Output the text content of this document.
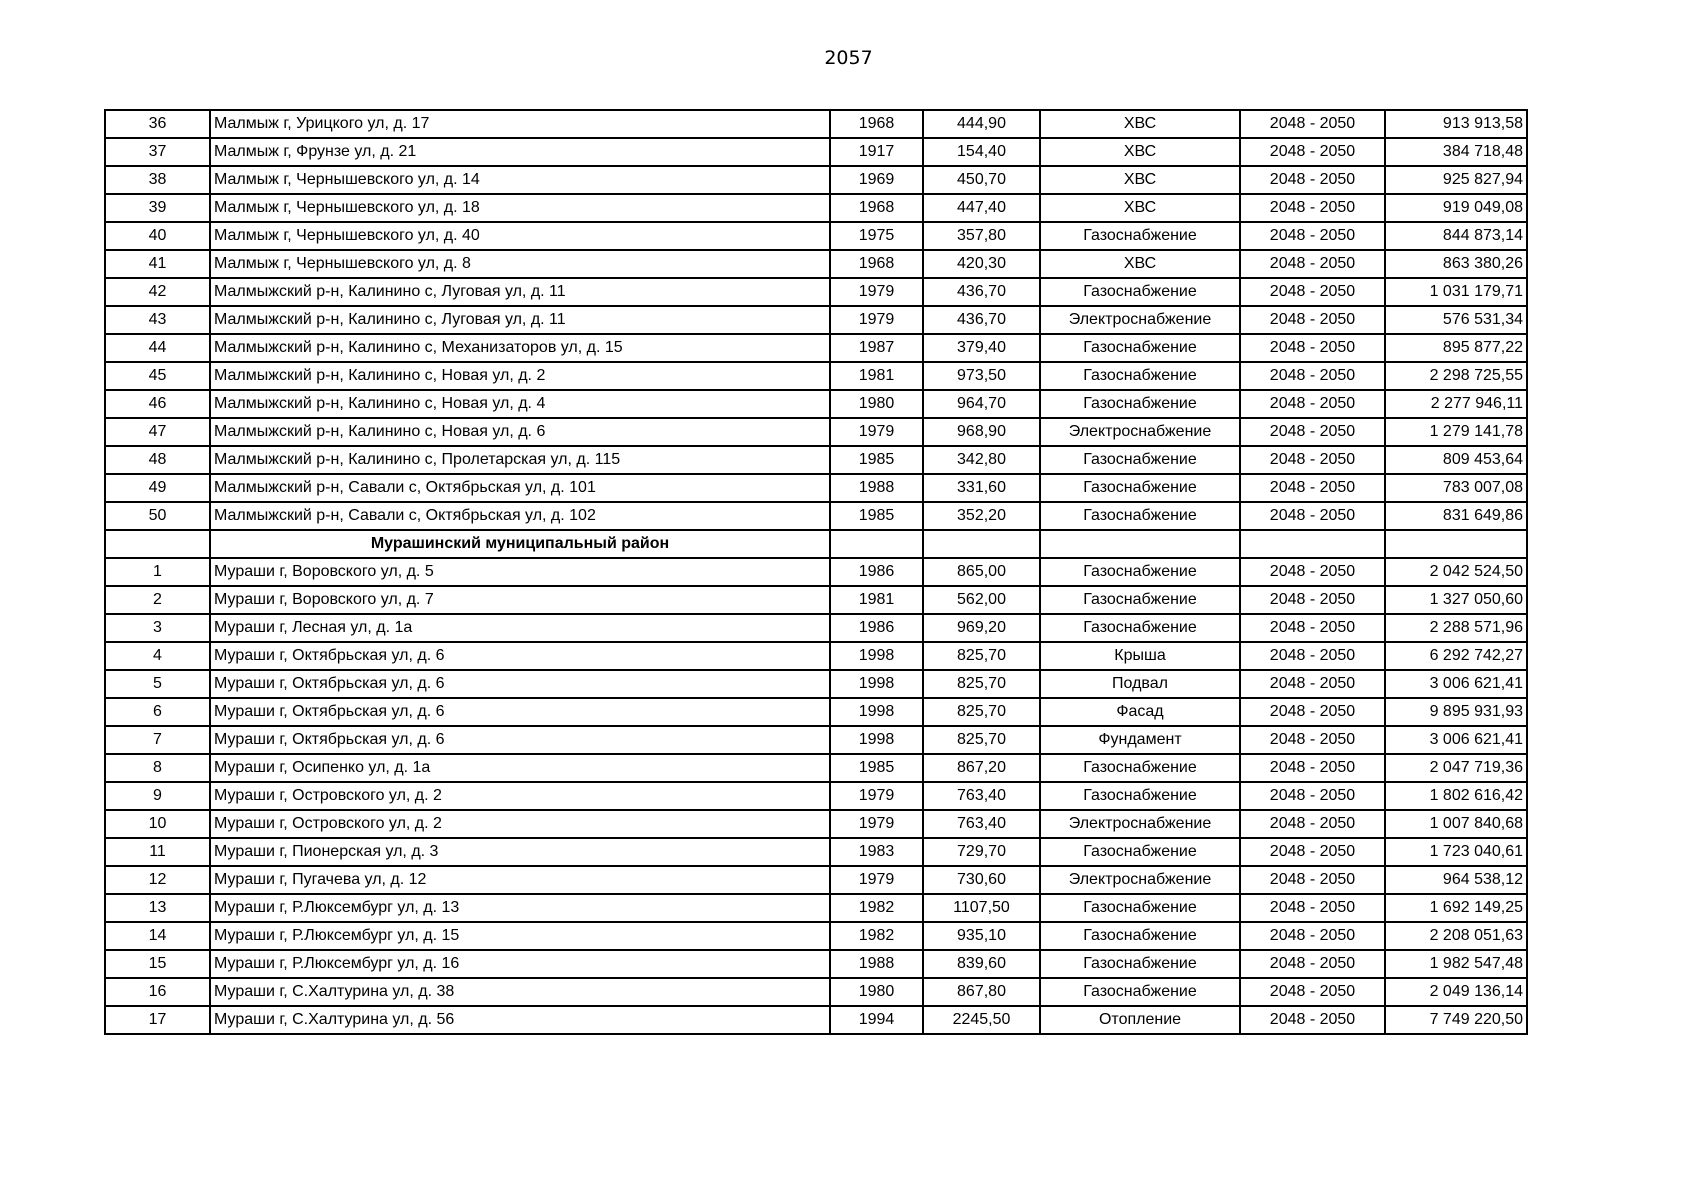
2057
36	Малмыж г, Урицкого ул, д. 17	1968	444,90	ХВС	2048 - 2050	913 913,58
37	Малмыж г, Фрунзе ул, д. 21	1917	154,40	ХВС	2048 - 2050	384 718,48
38	Малмыж г, Чернышевского ул, д. 14	1969	450,70	ХВС	2048 - 2050	925 827,94
39	Малмыж г, Чернышевского ул, д. 18	1968	447,40	ХВС	2048 - 2050	919 049,08
40	Малмыж г, Чернышевского ул, д. 40	1975	357,80	Газоснабжение	2048 - 2050	844 873,14
41	Малмыж г, Чернышевского ул, д. 8	1968	420,30	ХВС	2048 - 2050	863 380,26
42	Малмыжский р-н, Калинино с, Луговая ул, д. 11	1979	436,70	Газоснабжение	2048 - 2050	1 031 179,71
43	Малмыжский р-н, Калинино с, Луговая ул, д. 11	1979	436,70	Электроснабжение	2048 - 2050	576 531,34
44	Малмыжский р-н, Калинино с, Механизаторов ул, д. 15	1987	379,40	Газоснабжение	2048 - 2050	895 877,22
45	Малмыжский р-н, Калинино с, Новая ул, д. 2	1981	973,50	Газоснабжение	2048 - 2050	2 298 725,55
46	Малмыжский р-н, Калинино с, Новая ул, д. 4	1980	964,70	Газоснабжение	2048 - 2050	2 277 946,11
47	Малмыжский р-н, Калинино с, Новая ул, д. 6	1979	968,90	Электроснабжение	2048 - 2050	1 279 141,78
48	Малмыжский р-н, Калинино с, Пролетарская ул, д. 115	1985	342,80	Газоснабжение	2048 - 2050	809 453,64
49	Малмыжский р-н, Савали с, Октябрьская ул, д. 101	1988	331,60	Газоснабжение	2048 - 2050	783 007,08
50	Малмыжский р-н, Савали с, Октябрьская ул, д. 102	1985	352,20	Газоснабжение	2048 - 2050	831 649,86
	Мурашинский муниципальный район					
1	Мураши г, Воровского ул, д. 5	1986	865,00	Газоснабжение	2048 - 2050	2 042 524,50
2	Мураши г, Воровского ул, д. 7	1981	562,00	Газоснабжение	2048 - 2050	1 327 050,60
3	Мураши г, Лесная ул, д. 1а	1986	969,20	Газоснабжение	2048 - 2050	2 288 571,96
4	Мураши г, Октябрьская ул, д. 6	1998	825,70	Крыша	2048 - 2050	6 292 742,27
5	Мураши г, Октябрьская ул, д. 6	1998	825,70	Подвал	2048 - 2050	3 006 621,41
6	Мураши г, Октябрьская ул, д. 6	1998	825,70	Фасад	2048 - 2050	9 895 931,93
7	Мураши г, Октябрьская ул, д. 6	1998	825,70	Фундамент	2048 - 2050	3 006 621,41
8	Мураши г, Осипенко ул, д. 1а	1985	867,20	Газоснабжение	2048 - 2050	2 047 719,36
9	Мураши г, Островского ул, д. 2	1979	763,40	Газоснабжение	2048 - 2050	1 802 616,42
10	Мураши г, Островского ул, д. 2	1979	763,40	Электроснабжение	2048 - 2050	1 007 840,68
11	Мураши г, Пионерская ул, д. 3	1983	729,70	Газоснабжение	2048 - 2050	1 723 040,61
12	Мураши г, Пугачева ул, д. 12	1979	730,60	Электроснабжение	2048 - 2050	964 538,12
13	Мураши г, Р.Люксембург ул, д. 13	1982	1107,50	Газоснабжение	2048 - 2050	1 692 149,25
14	Мураши г, Р.Люксембург ул, д. 15	1982	935,10	Газоснабжение	2048 - 2050	2 208 051,63
15	Мураши г, Р.Люксембург ул, д. 16	1988	839,60	Газоснабжение	2048 - 2050	1 982 547,48
16	Мураши г, С.Халтурина ул, д. 38	1980	867,80	Газоснабжение	2048 - 2050	2 049 136,14
17	Мураши г, С.Халтурина ул, д. 56	1994	2245,50	Отопление	2048 - 2050	7 749 220,50
